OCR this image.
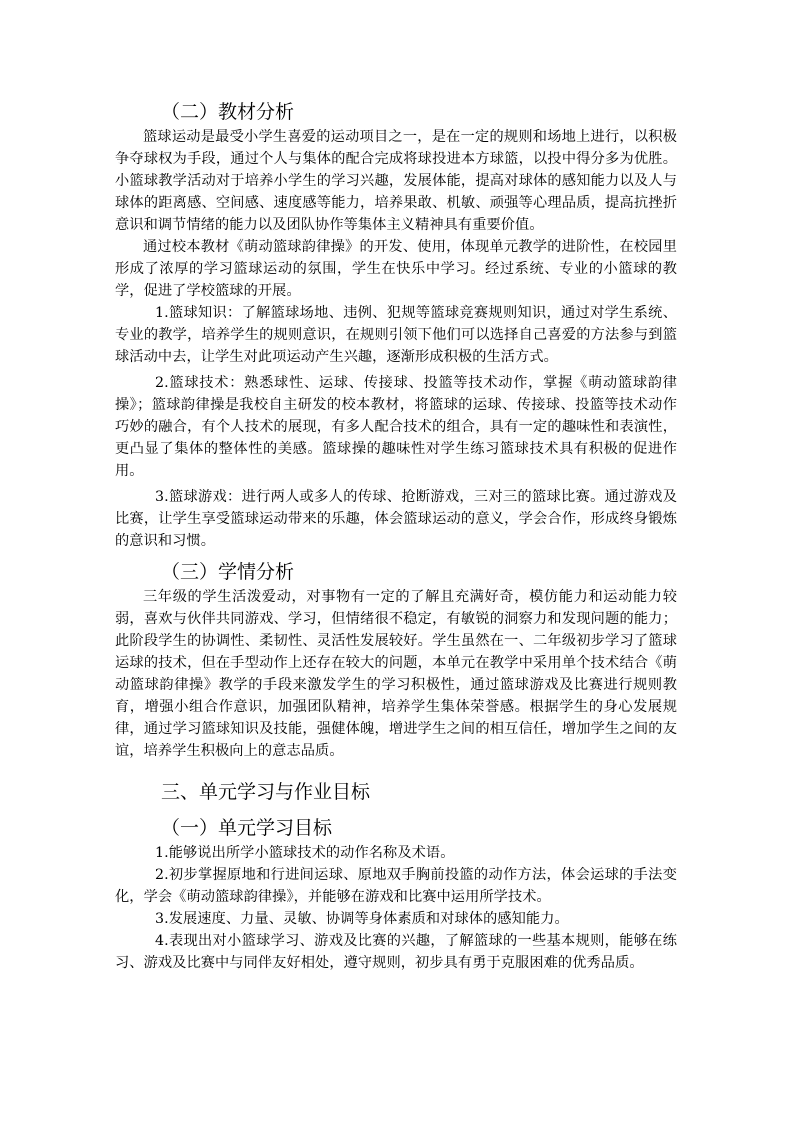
（二）教材分析

篮球运动是最受小学生喜爱的运动项目之一，是在一定的规则和场地上进行，以积极争夺球权为手段，通过个人与集体的配合完成将球投进本方球篮，以投中得分多为优胜。小篮球教学活动对于培养小学生的学习兴趣，发展体能，提高对球体的感知能力以及人与球体的距离感、空间感、速度感等能力，培养果敢、机敏、顽强等心理品质，提高抗挫折意识和调节情绪的能力以及团队协作等集体主义精神具有重要价值。

通过校本教材《萌动篮球韵律操》的开发、使用，体现单元教学的进阶性，在校园里形成了浓厚的学习篮球运动的氛围，学生在快乐中学习。经过系统、专业的小篮球的教学，促进了学校篮球的开展。

1.篮球知识：了解篮球场地、违例、犯规等篮球竞赛规则知识，通过对学生系统、专业的教学，培养学生的规则意识，在规则引领下他们可以选择自己喜爱的方法参与到篮球活动中去，让学生对此项运动产生兴趣，逐渐形成积极的生活方式。

2.篮球技术：熟悉球性、运球、传接球、投篮等技术动作，掌握《萌动篮球韵律操》；篮球韵律操是我校自主研发的校本教材，将篮球的运球、传接球、投篮等技术动作巧妙的融合，有个人技术的展现，有多人配合技术的组合，具有一定的趣味性和表演性，更凸显了集体的整体性的美感。篮球操的趣味性对学生练习篮球技术具有积极的促进作用。

3.篮球游戏：进行两人或多人的传球、抢断游戏，三对三的篮球比赛。通过游戏及比赛，让学生享受篮球运动带来的乐趣，体会篮球运动的意义，学会合作，形成终身锻炼的意识和习惯。

（三）学情分析

三年级的学生活泼爱动，对事物有一定的了解且充满好奇，模仿能力和运动能力较弱，喜欢与伙伴共同游戏、学习，但情绪很不稳定，有敏锐的洞察力和发现问题的能力；此阶段学生的协调性、柔韧性、灵活性发展较好。学生虽然在一、二年级初步学习了篮球运球的技术，但在手型动作上还存在较大的问题，本单元在教学中采用单个技术结合《萌动篮球韵律操》教学的手段来激发学生的学习积极性，通过篮球游戏及比赛进行规则教育，增强小组合作意识，加强团队精神，培养学生集体荣誉感。根据学生的身心发展规律，通过学习篮球知识及技能，强健体魄，增进学生之间的相互信任，增加学生之间的友谊，培养学生积极向上的意志品质。

三、单元学习与作业目标
（一）单元学习目标

1.能够说出所学小篮球技术的动作名称及术语。

2.初步掌握原地和行进间运球、原地双手胸前投篮的动作方法，体会运球的手法变化，学会《萌动篮球韵律操》，并能够在游戏和比赛中运用所学技术。

3.发展速度、力量、灵敏、协调等身体素质和对球体的感知能力。

4.表现出对小篮球学习、游戏及比赛的兴趣，了解篮球的一些基本规则，能够在练习、游戏及比赛中与同伴友好相处，遵守规则，初步具有勇于克服困难的优秀品质。
